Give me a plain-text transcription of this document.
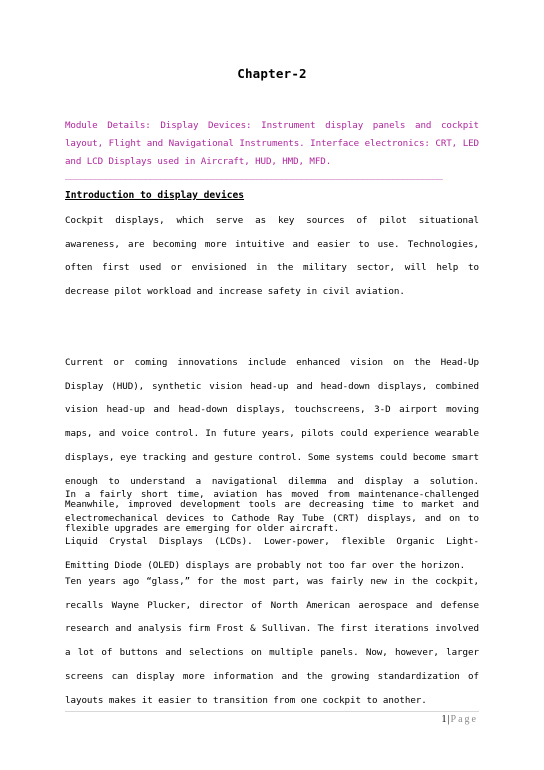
Chapter-2
Module Details: Display Devices: Instrument display panels and cockpit layout, Flight and Navigational Instruments. Interface electronics: CRT, LED and LCD Displays used in Aircraft, HUD, HMD, MFD.
___________________________________________________________________________
Introduction to display devices
Cockpit displays, which serve as key sources of pilot situational awareness, are becoming more intuitive and easier to use. Technologies, often first used or envisioned in the military sector, will help to decrease pilot workload and increase safety in civil aviation.
Current or coming innovations include enhanced vision on the Head-Up Display (HUD), synthetic vision head-up and head-down displays, combined vision head-up and head-down displays, touchscreens, 3-D airport moving maps, and voice control. In future years, pilots could experience wearable displays, eye tracking and gesture control. Some systems could become smart enough to understand a navigational dilemma and display a solution. Meanwhile, improved development tools are decreasing time to market and flexible upgrades are emerging for older aircraft.
In a fairly short time, aviation has moved from maintenance-challenged electromechanical devices to Cathode Ray Tube (CRT) displays, and on to Liquid Crystal Displays (LCDs). Lower-power, flexible Organic Light-Emitting Diode (OLED) displays are probably not too far over the horizon.
Ten years ago “glass,” for the most part, was fairly new in the cockpit, recalls Wayne Plucker, director of North American aerospace and defense research and analysis firm Frost & Sullivan. The first iterations involved a lot of buttons and selections on multiple panels. Now, however, larger screens can display more information and the growing standardization of layouts makes it easier to transition from one cockpit to another.
1|Page
